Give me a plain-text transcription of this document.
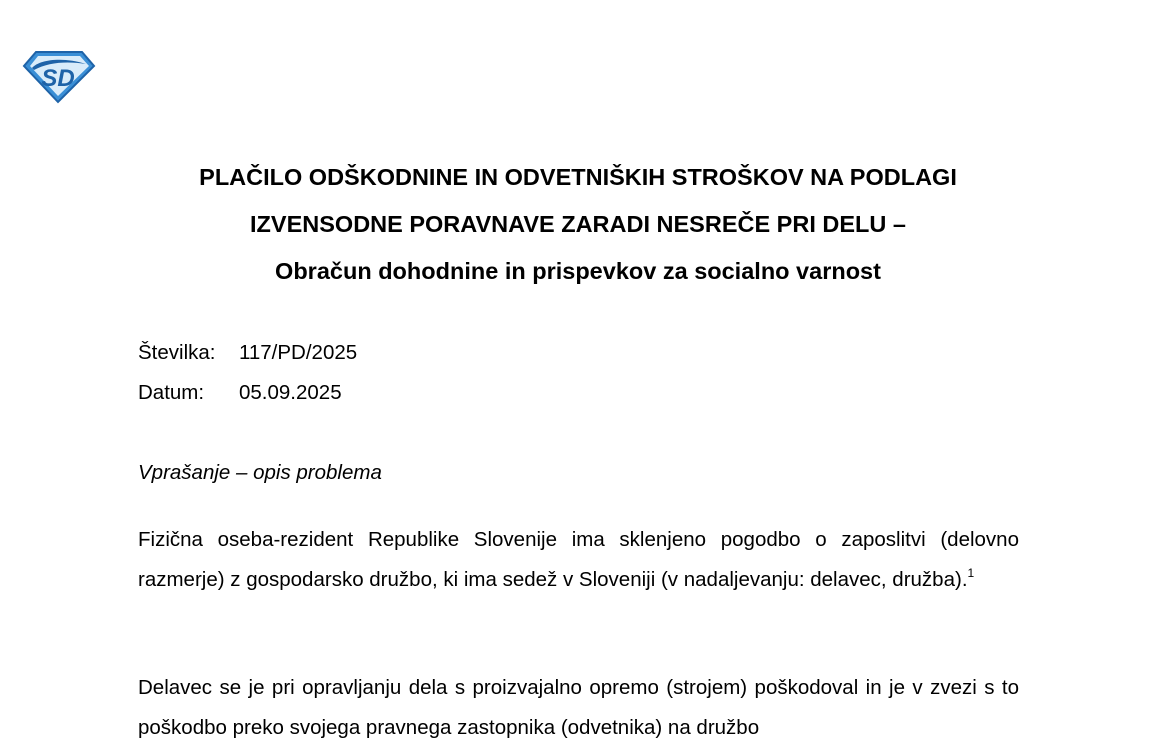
SD
PLAČILO ODŠKODNINE IN ODVETNIŠKIH STROŠKOV NA PODLAGI
IZVENSODNE PORAVNAVE ZARADI NESREČE PRI DELU –
Obračun dohodnine in prispevkov za socialno varnost
Številka: 117/PD/2025
Datum: 05.09.2025
Vprašanje – opis problema
Fizična oseba-rezident Republike Slovenije ima sklenjeno pogodbo o zaposlitvi (delovno razmerje) z gospodarsko družbo, ki ima sedež v Sloveniji (v nadaljevanju: delavec, družba).$^1$
Delavec se je pri opravljanju dela s proizvajalno opremo (strojem) poškodoval in je v zvezi s to poškodbo preko svojega pravnega zastopnika (odvetnika) na družbo
